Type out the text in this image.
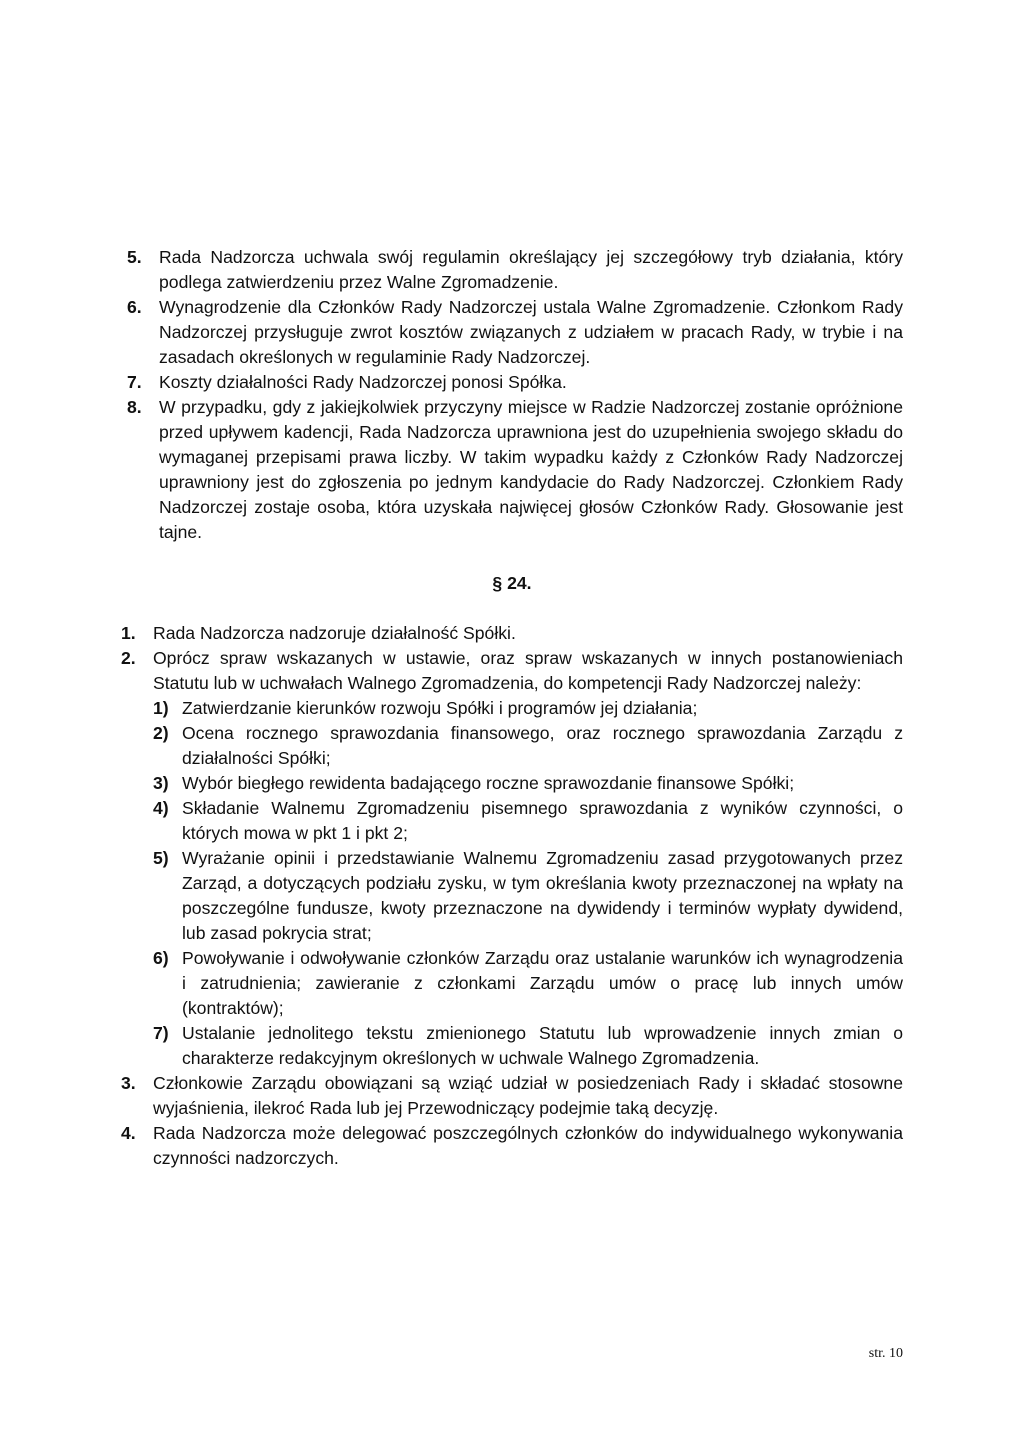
5. Rada Nadzorcza uchwala swój regulamin określający jej szczegółowy tryb działania, który podlega zatwierdzeniu przez Walne Zgromadzenie.
6. Wynagrodzenie dla Członków Rady Nadzorczej ustala Walne Zgromadzenie. Członkom Rady Nadzorczej przysługuje zwrot kosztów związanych z udziałem w pracach Rady, w trybie i na zasadach określonych w regulaminie Rady Nadzorczej.
7. Koszty działalności Rady Nadzorczej ponosi Spółka.
8. W przypadku, gdy z jakiejkolwiek przyczyny miejsce w Radzie Nadzorczej zostanie opróżnione przed upływem kadencji, Rada Nadzorcza uprawniona jest do uzupełnienia swojego składu do wymaganej przepisami prawa liczby. W takim wypadku każdy z Członków Rady Nadzorczej uprawniony jest do zgłoszenia po jednym kandydacie do Rady Nadzorczej. Członkiem Rady Nadzorczej zostaje osoba, która uzyskała najwięcej głosów Członków Rady. Głosowanie jest tajne.
§ 24.
1. Rada Nadzorcza nadzoruje działalność Spółki.
2. Oprócz spraw wskazanych w ustawie, oraz spraw wskazanych w innych postanowieniach Statutu lub w uchwałach Walnego Zgromadzenia, do kompetencji Rady Nadzorczej należy:
1) Zatwierdzanie kierunków rozwoju Spółki i programów jej działania;
2) Ocena rocznego sprawozdania finansowego, oraz rocznego sprawozdania Zarządu z działalności Spółki;
3) Wybór biegłego rewidenta badającego roczne sprawozdanie finansowe Spółki;
4) Składanie Walnemu Zgromadzeniu pisemnego sprawozdania z wyników czynności, o których mowa w pkt 1 i pkt 2;
5) Wyrażanie opinii i przedstawianie Walnemu Zgromadzeniu zasad przygotowanych przez Zarząd, a dotyczących podziału zysku, w tym określania kwoty przeznaczonej na wpłaty na poszczególne fundusze, kwoty przeznaczone na dywidendy i terminów wypłaty dywidend, lub zasad pokrycia strat;
6) Powoływanie i odwoływanie członków Zarządu oraz ustalanie warunków ich wynagrodzenia i zatrudnienia; zawieranie z członkami Zarządu umów o pracę lub innych umów (kontraktów);
7) Ustalanie jednolitego tekstu zmienionego Statutu lub wprowadzenie innych zmian o charakterze redakcyjnym określonych w uchwale Walnego Zgromadzenia.
3. Członkowie Zarządu obowiązani są wziąć udział w posiedzeniach Rady i składać stosowne wyjaśnienia, ilekroć Rada lub jej Przewodniczący podejmie taką decyzję.
4. Rada Nadzorcza może delegować poszczególnych członków do indywidualnego wykonywania czynności nadzorczych.
str. 10
